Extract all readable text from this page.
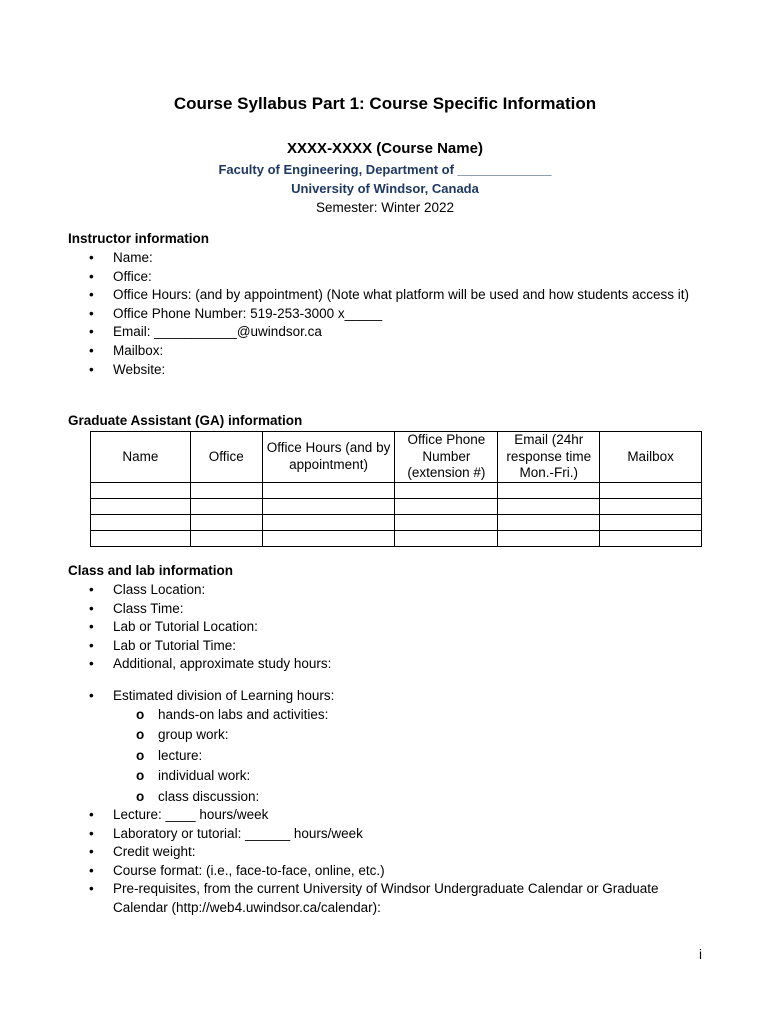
Course Syllabus Part 1: Course Specific Information
XXXX-XXXX (Course Name)
Faculty of Engineering, Department of _____________
University of Windsor, Canada
Semester: Winter 2022
Instructor information
• Name:
• Office:
• Office Hours: (and by appointment) (Note what platform will be used and how students access it)
• Office Phone Number: 519-253-3000 x_____
• Email: ___________@uwindsor.ca
• Mailbox:
• Website:
Graduate Assistant (GA) information
Name	Office	Office Hours (and by appointment)	Office Phone Number (extension #)	Email (24hr response time Mon.-Fri.)	Mailbox

Class and lab information
• Class Location:
• Class Time:
• Lab or Tutorial Location:
• Lab or Tutorial Time:
• Additional, approximate study hours:
• Estimated division of Learning hours:
o hands-on labs and activities:
o group work:
o lecture:
o individual work:
o class discussion:
• Lecture: ____ hours/week
• Laboratory or tutorial: ______ hours/week
• Credit weight:
• Course format: (i.e., face-to-face, online, etc.)
• Pre-requisites, from the current University of Windsor Undergraduate Calendar or Graduate Calendar (http://web4.uwindsor.ca/calendar):
i
